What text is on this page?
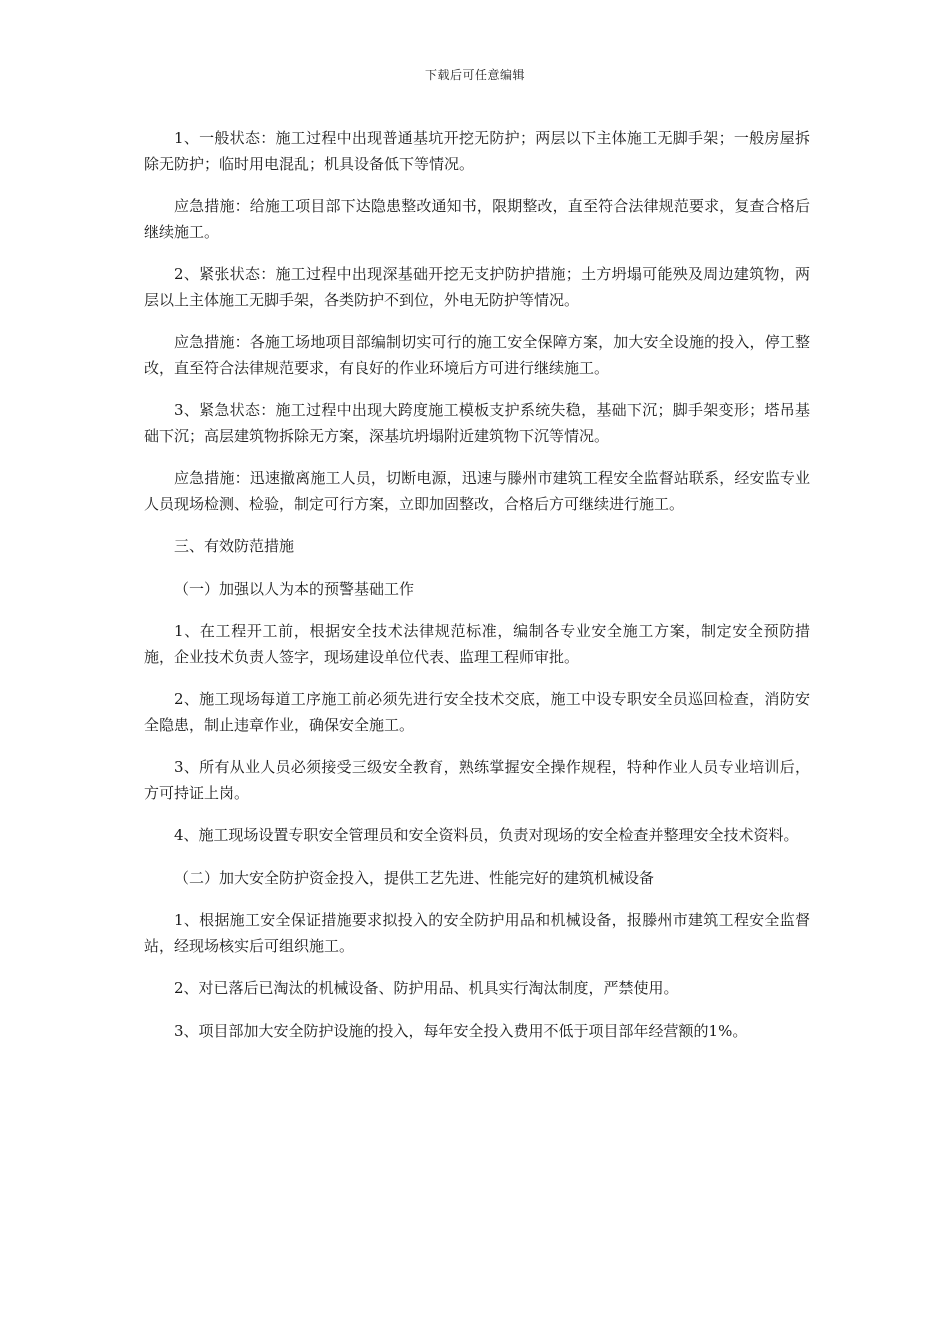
下载后可任意编辑

1、一般状态：施工过程中出现普通基坑开挖无防护；两层以下主体施工无脚手架；一般房屋拆除无防护；临时用电混乱；机具设备低下等情况。

应急措施：给施工项目部下达隐患整改通知书，限期整改，直至符合法律规范要求，复查合格后继续施工。

2、紧张状态：施工过程中出现深基础开挖无支护防护措施；土方坍塌可能殃及周边建筑物，两层以上主体施工无脚手架，各类防护不到位，外电无防护等情况。

应急措施：各施工场地项目部编制切实可行的施工安全保障方案，加大安全设施的投入，停工整改，直至符合法律规范要求，有良好的作业环境后方可进行继续施工。

3、紧急状态：施工过程中出现大跨度施工模板支护系统失稳，基础下沉；脚手架变形；塔吊基础下沉；高层建筑物拆除无方案，深基坑坍塌附近建筑物下沉等情况。

应急措施：迅速撤离施工人员，切断电源，迅速与滕州市建筑工程安全监督站联系，经安监专业人员现场检测、检验，制定可行方案，立即加固整改，合格后方可继续进行施工。

三、有效防范措施

（一）加强以人为本的预警基础工作

1、在工程开工前，根据安全技术法律规范标准，编制各专业安全施工方案，制定安全预防措施，企业技术负责人签字，现场建设单位代表、监理工程师审批。

2、施工现场每道工序施工前必须先进行安全技术交底，施工中设专职安全员巡回检查，消防安全隐患，制止违章作业，确保安全施工。

3、所有从业人员必须接受三级安全教育，熟练掌握安全操作规程，特种作业人员专业培训后，方可持证上岗。

4、施工现场设置专职安全管理员和安全资料员，负责对现场的安全检查并整理安全技术资料。

（二）加大安全防护资金投入，提供工艺先进、性能完好的建筑机械设备

1、根据施工安全保证措施要求拟投入的安全防护用品和机械设备，报滕州市建筑工程安全监督站，经现场核实后可组织施工。

2、对已落后已淘汰的机械设备、防护用品、机具实行淘汰制度，严禁使用。

3、项目部加大安全防护设施的投入，每年安全投入费用不低于项目部年经营额的1%。
